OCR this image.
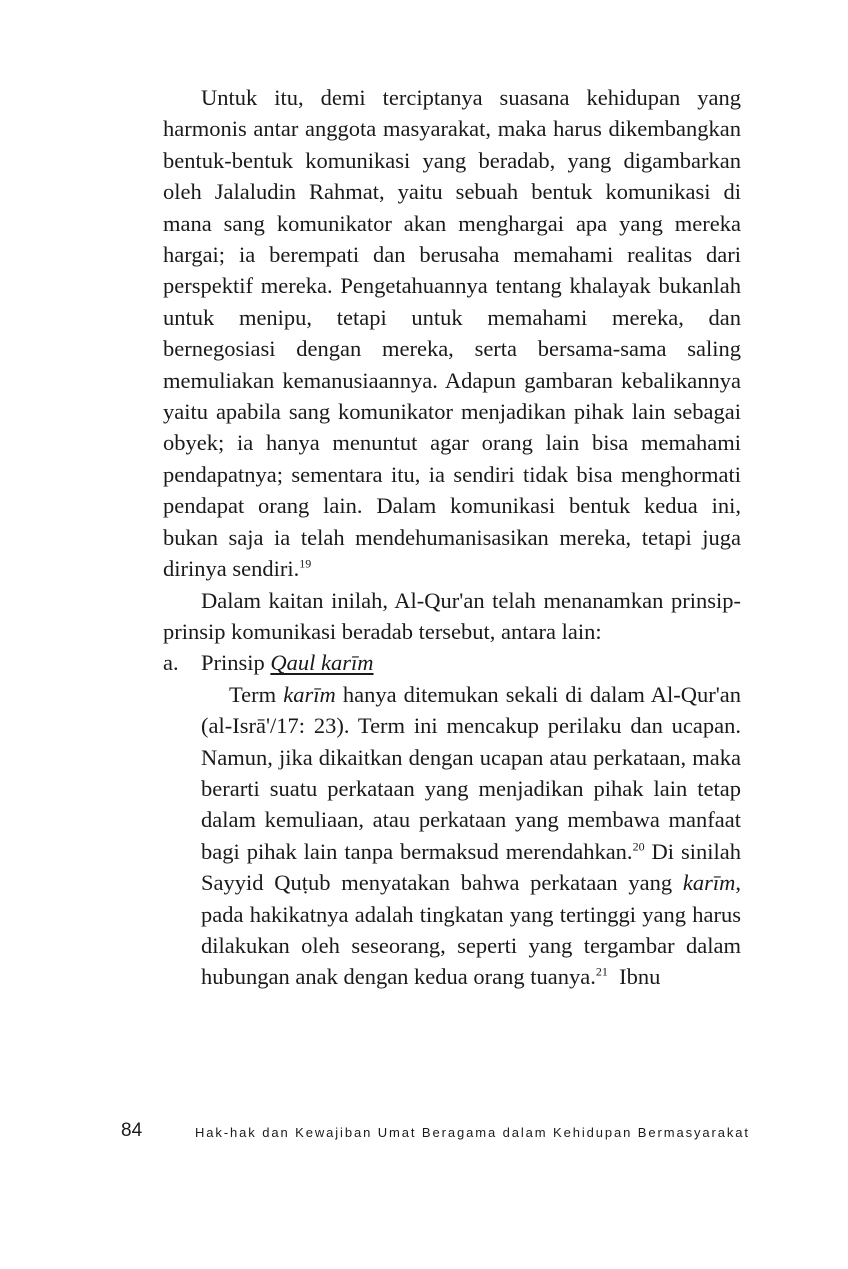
Untuk itu, demi terciptanya suasana kehidupan yang harmonis antar anggota masyarakat, maka harus dikembangkan bentuk-bentuk komunikasi yang beradab, yang digambarkan oleh Jalaludin Rahmat, yaitu sebuah bentuk komunikasi di mana sang komunikator akan menghargai apa yang mereka hargai; ia berempati dan berusaha memahami realitas dari perspektif mereka. Pengetahuannya tentang khalayak bukanlah untuk menipu, tetapi untuk memahami mereka, dan bernegosiasi dengan mereka, serta bersama-sama saling memuliakan kemanusiaannya. Adapun gambaran kebalikannya yaitu apabila sang komunikator menjadikan pihak lain sebagai obyek; ia hanya menuntut agar orang lain bisa memahami pendapatnya; sementara itu, ia sendiri tidak bisa menghormati pendapat orang lain. Dalam komunikasi bentuk kedua ini, bukan saja ia telah mendehumanisasikan mereka, tetapi juga dirinya sendiri.$^{19}$

Dalam kaitan inilah, Al-Qur'an telah menanamkan prinsip-prinsip komunikasi beradab tersebut, antara lain:

a. Prinsip Qaul karīm

Term karīm hanya ditemukan sekali di dalam Al-Qur'an (al-Isrā'/17: 23). Term ini mencakup perilaku dan ucapan. Namun, jika dikaitkan dengan ucapan atau perkataan, maka berarti suatu perkataan yang menjadikan pihak lain tetap dalam kemuliaan, atau perkataan yang membawa manfaat bagi pihak lain tanpa bermaksud merendahkan.$^{20}$ Di sinilah Sayyid Quṭub menyatakan bahwa perkataan yang karīm, pada hakikatnya adalah tingkatan yang tertinggi yang harus dilakukan oleh seseorang, seperti yang tergambar dalam hubungan anak dengan kedua orang tuanya.$^{21}$ Ibnu

84	Hak-hak dan Kewajiban Umat Beragama dalam Kehidupan Bermasyarakat
